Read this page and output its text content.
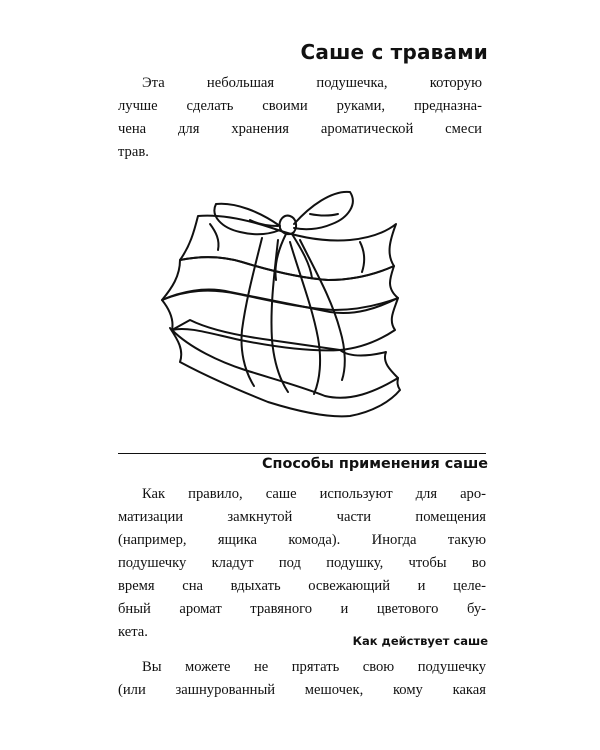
Саше с травами
Эта небольшая подушечка, которую
лучше сделать своими руками, предназна-
чена для хранения ароматической смеси
трав.
Способы применения саше
Как правило, саше используют для аро-
матизации замкнутой части помещения
(например, ящика комода). Иногда такую
подушечку кладут под подушку, чтобы во
время сна вдыхать освежающий и целе-
бный аромат травяного и цветового бу-
кета.
Как действует саше
Вы можете не прятать свою подушечку
(или зашнурованный мешочек, кому какая
